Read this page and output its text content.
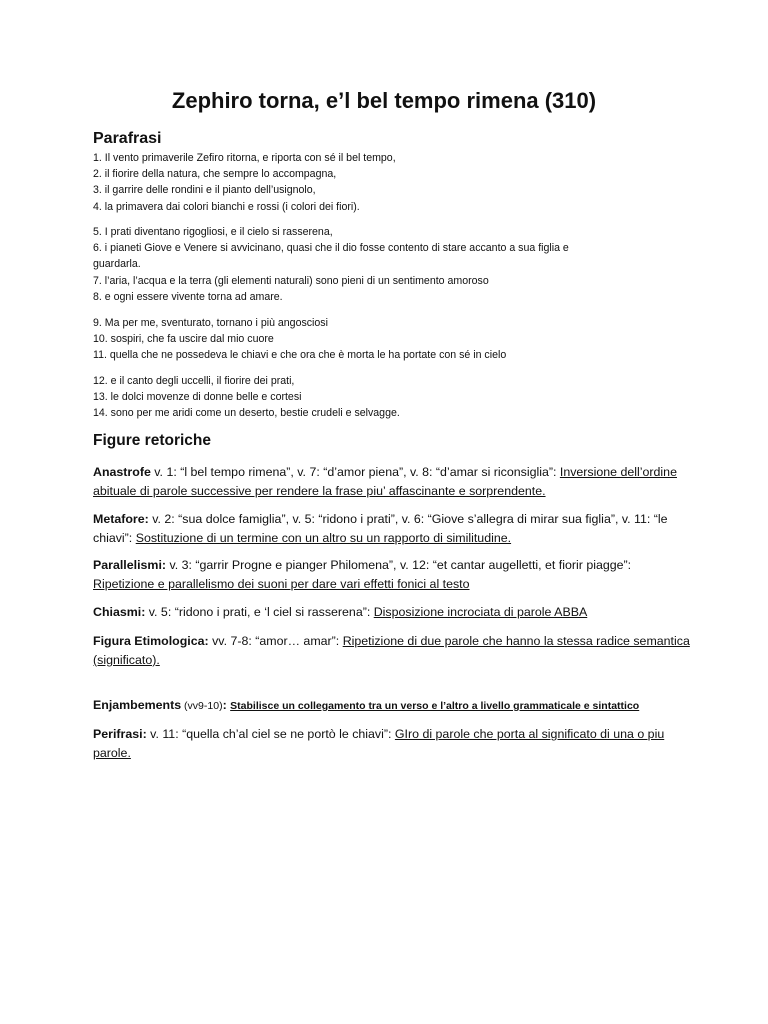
Zephiro torna, e’l bel tempo rimena (310)
Parafrasi
1. Il vento primaverile Zefiro ritorna, e riporta con sé il bel tempo,
2. il fiorire della natura, che sempre lo accompagna,
3. il garrire delle rondini e il pianto dell’usignolo,
4. la primavera dai colori bianchi e rossi (i colori dei fiori).
5. I prati diventano rigogliosi, e il cielo si rasserena,
6. i pianeti Giove e Venere si avvicinano, quasi che il dio fosse contento di stare accanto a sua figlia e
guardarla.
7. l’aria, l’acqua e la terra (gli elementi naturali) sono pieni di un sentimento amoroso
8. e ogni essere vivente torna ad amare.
9. Ma per me, sventurato, tornano i più angosciosi
10. sospiri, che fa uscire dal mio cuore
11. quella che ne possedeva le chiavi e che ora che è morta le ha portate con sé in cielo
12. e il canto degli uccelli, il fiorire dei prati,
13. le dolci movenze di donne belle e cortesi
14. sono per me aridi come un deserto, bestie crudeli e selvagge.
Figure retoriche

Anastrofe v. 1: “l bel tempo rimena”, v. 7: “d’amor piena”, v. 8: “d’amar si riconsiglia”: Inversione dell’ordine abituale di parole successive per rendere la frase piu’ affascinante e sorprendente.

Metafore: v. 2: “sua dolce famiglia”, v. 5: “ridono i prati”, v. 6: “Giove s’allegra di mirar sua figlia”, v. 11: “le chiavi”: Sostituzione di un termine con un altro su un rapporto di similitudine.

Parallelismi: v. 3: “garrir Progne e pianger Philomena”, v. 12: “et cantar augelletti, et fiorir piagge”: Ripetizione e parallelismo dei suoni per dare vari effetti fonici al testo

Chiasmi: v. 5: “ridono i prati, e ‘l ciel si rasserena”: Disposizione incrociata di parole ABBA

Figura Etimologica: vv. 7-8: “amor… amar”: Ripetizione di due parole che hanno la stessa radice semantica (significato).

Enjambements (vv9-10): Stabilisce un collegamento tra un verso e l’altro a livello grammaticale e sintattico

Perifrasi: v. 11: “quella ch’al ciel se ne portò le chiavi”: GIro di parole che porta al significato di una o piu parole.
